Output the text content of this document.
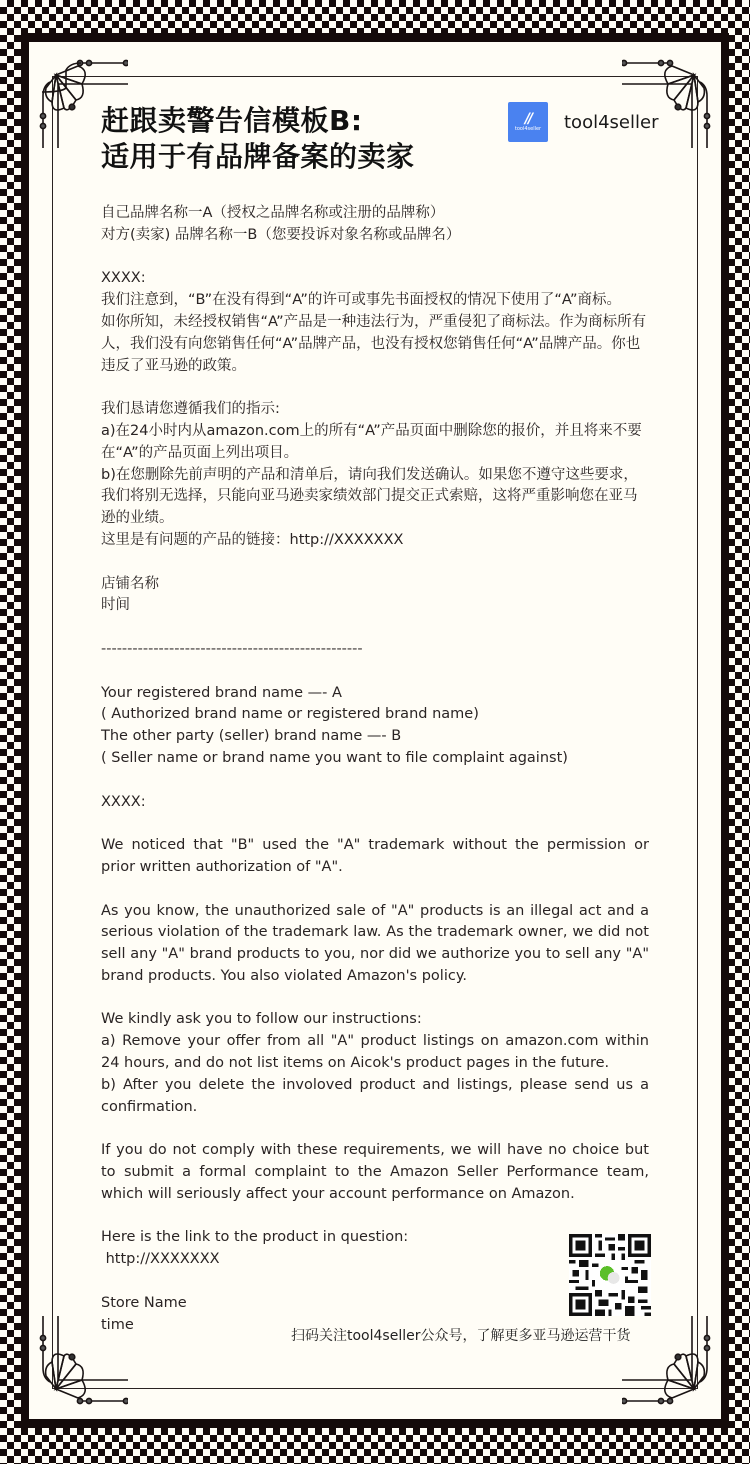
赶跟卖警告信模板B:
适用于有品牌备案的卖家
//
tool4seller tool4seller

自己品牌名称一A（授权之品牌名称或注册的品牌称）

对方(卖家) 品牌名称一B（您要投诉对象名称或品牌名）

XXXX:

我们注意到，“B”在没有得到“A”的许可或事先书面授权的情况下使用了“A”商标。

如你所知，未经授权销售“A”产品是一种违法行为，严重侵犯了商标法。作为商标所有人，我们没有向您销售任何“A”品牌产品，也没有授权您销售任何“A”品牌产品。你也违反了亚马逊的政策。

我们恳请您遵循我们的指示:

a)在24小时内从amazon.com上的所有“A”产品页面中删除您的报价，并且将来不要在“A”的产品页面上列出项目。

b)在您删除先前声明的产品和清单后，请向我们发送确认。如果您不遵守这些要求，我们将别无选择，只能向亚马逊卖家绩效部门提交正式索赔，这将严重影响您在亚马逊的业绩。

这里是有问题的产品的链接：http://XXXXXXX

店铺名称

时间

--------------------------------------------------

Your registered brand name —- A

( Authorized brand name or registered brand name)

The other party (seller) brand name —- B

( Seller name or brand name you want to file complaint against)

XXXX:

We noticed that "B" used the "A" trademark without the permission or prior written authorization of "A".

As you know, the unauthorized sale of "A" products is an illegal act and a serious violation of the trademark law. As the trademark owner, we did not sell any "A" brand products to you, nor did we authorize you to sell any "A" brand products. You also violated Amazon's policy.

We kindly ask you to follow our instructions:

a) Remove your offer from all "A" product listings on amazon.com within 24 hours, and do not list items on Aicok's product pages in the future.

b) After you delete the involoved product and listings, please send us a confirmation.

If you do not comply with these requirements, we will have no choice but to submit a formal complaint to the Amazon Seller Performance team, which will seriously affect your account performance on Amazon.

Here is the link to the product in question:

http://XXXXXXX

Store Name

time

扫码关注tool4seller公众号，了解更多亚马逊运营干货
